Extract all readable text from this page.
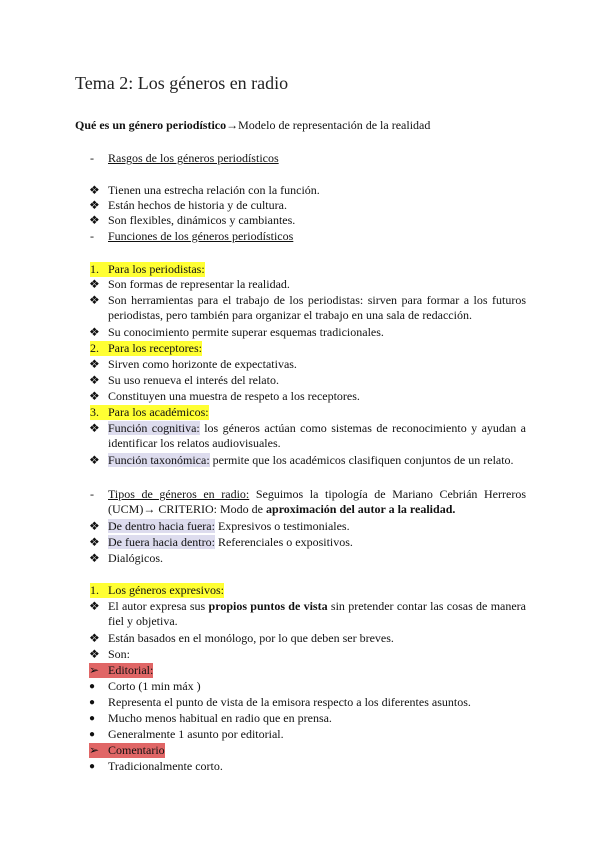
Tema 2: Los géneros en radio
Qué es un género periodístico→Modelo de representación de la realidad
- Rasgos de los géneros periodísticos
❖ Tienen una estrecha relación con la función.
❖ Están hechos de historia y de cultura.
❖ Son flexibles, dinámicos y cambiantes.
- Funciones de los géneros periodísticos
1. Para los periodistas:
❖ Son formas de representar la realidad.
❖ Son herramientas para el trabajo de los periodistas: sirven para formar a los futuros periodistas, pero también para organizar el trabajo en una sala de redacción.
❖ Su conocimiento permite superar esquemas tradicionales.
2. Para los receptores:
❖ Sirven como horizonte de expectativas.
❖ Su uso renueva el interés del relato.
❖ Constituyen una muestra de respeto a los receptores.
3. Para los académicos:
❖ Función cognitiva: los géneros actúan como sistemas de reconocimiento y ayudan a identificar los relatos audiovisuales.
❖ Función taxonómica: permite que los académicos clasifiquen conjuntos de un relato.
- Tipos de géneros en radio: Seguimos la tipología de Mariano Cebrián Herreros (UCM)→ CRITERIO: Modo de aproximación del autor a la realidad.
❖ De dentro hacia fuera: Expresivos o testimoniales.
❖ De fuera hacia dentro: Referenciales o expositivos.
❖ Dialógicos.
1. Los géneros expresivos:
❖ El autor expresa sus propios puntos de vista sin pretender contar las cosas de manera fiel y objetiva.
❖ Están basados en el monólogo, por lo que deben ser breves.
❖ Son:
➢ Editorial:
● Corto (1 min máx )
● Representa el punto de vista de la emisora respecto a los diferentes asuntos.
● Mucho menos habitual en radio que en prensa.
● Generalmente 1 asunto por editorial.
➢ Comentario
● Tradicionalmente corto.
